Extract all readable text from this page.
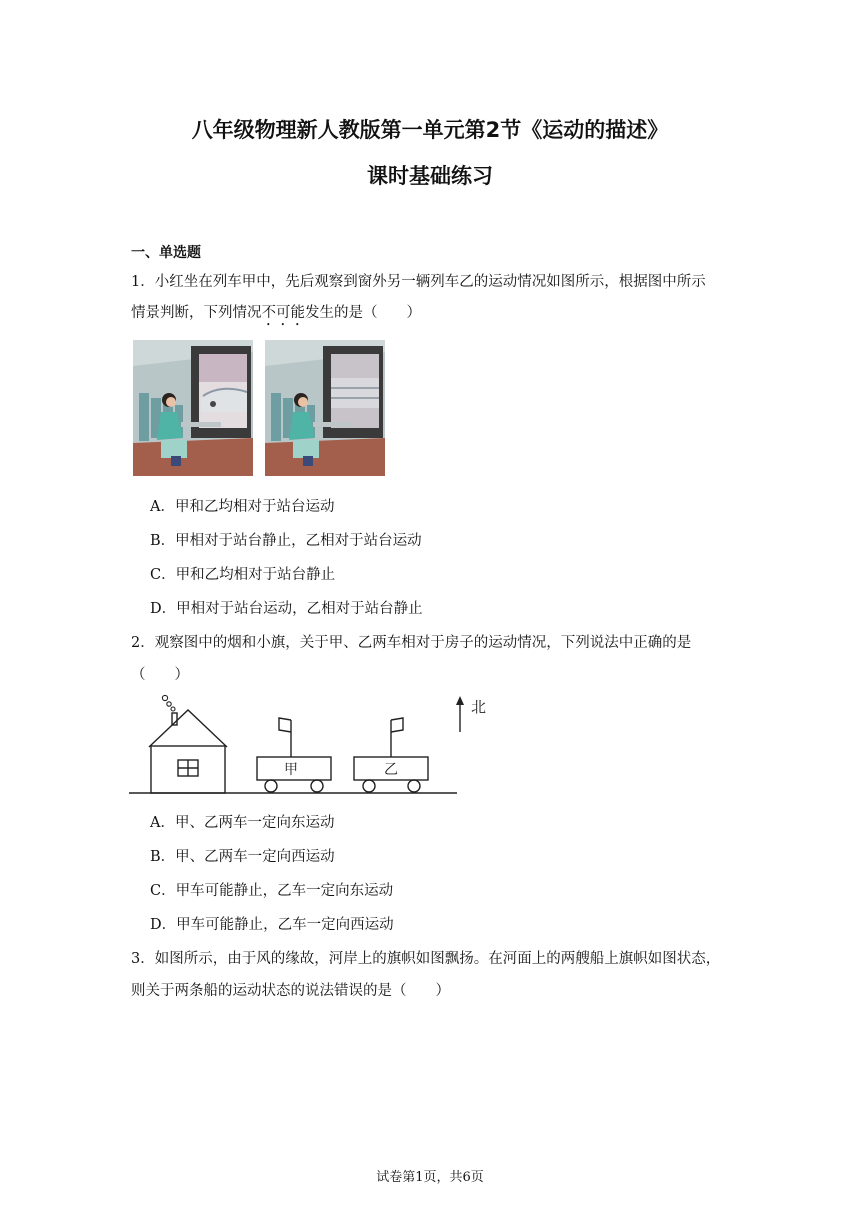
八年级物理新人教版第一单元第2节《运动的描述》
课时基础练习
一、单选题
1．小红坐在列车甲中，先后观察到窗外另一辆列车乙的运动情况如图所示，根据图中所示
情景判断，下列情况不可能发生的是（　　）
A．甲和乙均相对于站台运动
B．甲相对于站台静止，乙相对于站台运动
C．甲和乙均相对于站台静止
D．甲相对于站台运动，乙相对于站台静止
2．观察图中的烟和小旗，关于甲、乙两车相对于房子的运动情况，下列说法中正确的是
（　　）
甲	乙
北
A．甲、乙两车一定向东运动
B．甲、乙两车一定向西运动
C．甲车可能静止，乙车一定向东运动
D．甲车可能静止，乙车一定向西运动
3．如图所示，由于风的缘故，河岸上的旗帜如图飘扬。在河面上的两艘船上旗帜如图状态，
则关于两条船的运动状态的说法错误的是（　　）
试卷第1页，共6页
